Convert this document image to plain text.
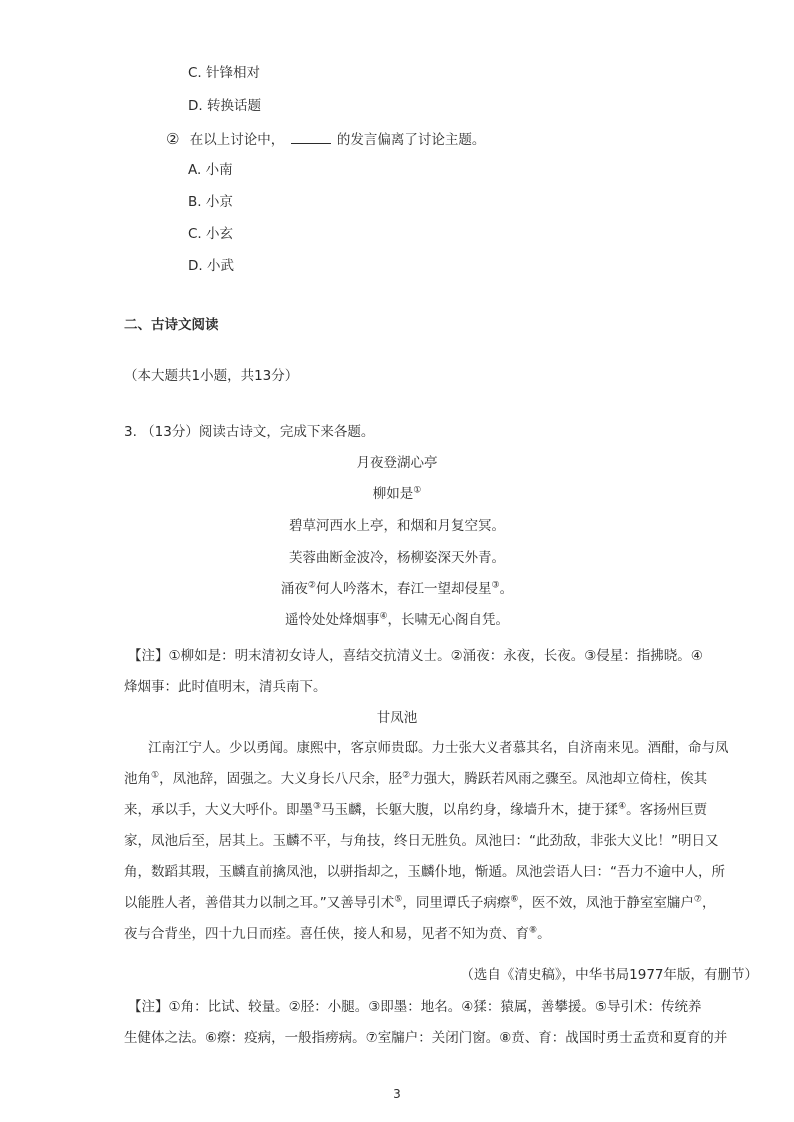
C. 针锋相对
D. 转换话题
② 在以上讨论中，	的发言偏离了讨论主题。
A. 小南
B. 小京
C. 小玄
D. 小武
二、古诗文阅读
（本大题共1小题，共13分）
3. （13分）阅读古诗文，完成下来各题。
月夜登湖心亭
柳如是①
碧草河西水上亭，和烟和月复空冥。
芙蓉曲断金波冷，杨柳姿深天外青。
涌夜②何人吟落木，春江一望却侵星③。
遥怜处处烽烟事④，长啸无心阁自凭。
【注】①柳如是：明末清初女诗人，喜结交抗清义士。②涌夜：永夜，长夜。③侵星：指拂晓。④
烽烟事：此时值明末，清兵南下。
甘凤池
江南江宁人。少以勇闻。康熙中，客京师贵邸。力士张大义者慕其名，自济南来见。酒酣，命与凤
池角①，凤池辞，固强之。大义身长八尺余，胫②力强大，腾跃若风雨之骤至。凤池却立倚柱，俟其
来，承以手，大义大呼仆。即墨③马玉麟，长躯大腹，以帛约身，缘墙升木，捷于猱④。客扬州巨贾
家，凤池后至，居其上。玉麟不平，与角技，终日无胜负。凤池曰：“此劲敌，非张大义比！”明日又
角，数蹈其瑕，玉麟直前擒凤池，以骈指却之，玉麟仆地，惭遁。凤池尝语人曰：“吾力不逾中人，所
以能胜人者，善借其力以制之耳。”又善导引术⑤，同里谭氏子病瘵⑥，医不效，凤池于静室室牖户⑦，
夜与合背坐，四十九日而痊。喜任侠，接人和易，见者不知为贲、育⑧。
（选自《清史稿》，中华书局1977年版，有删节）
【注】①角：比试、较量。②胫：小腿。③即墨：地名。④猱：猿属，善攀援。⑤导引术：传统养
生健体之法。⑥瘵：疫病，一般指痨病。⑦室牖户：关闭门窗。⑧贲、育：战国时勇士孟贲和夏育的并
3
